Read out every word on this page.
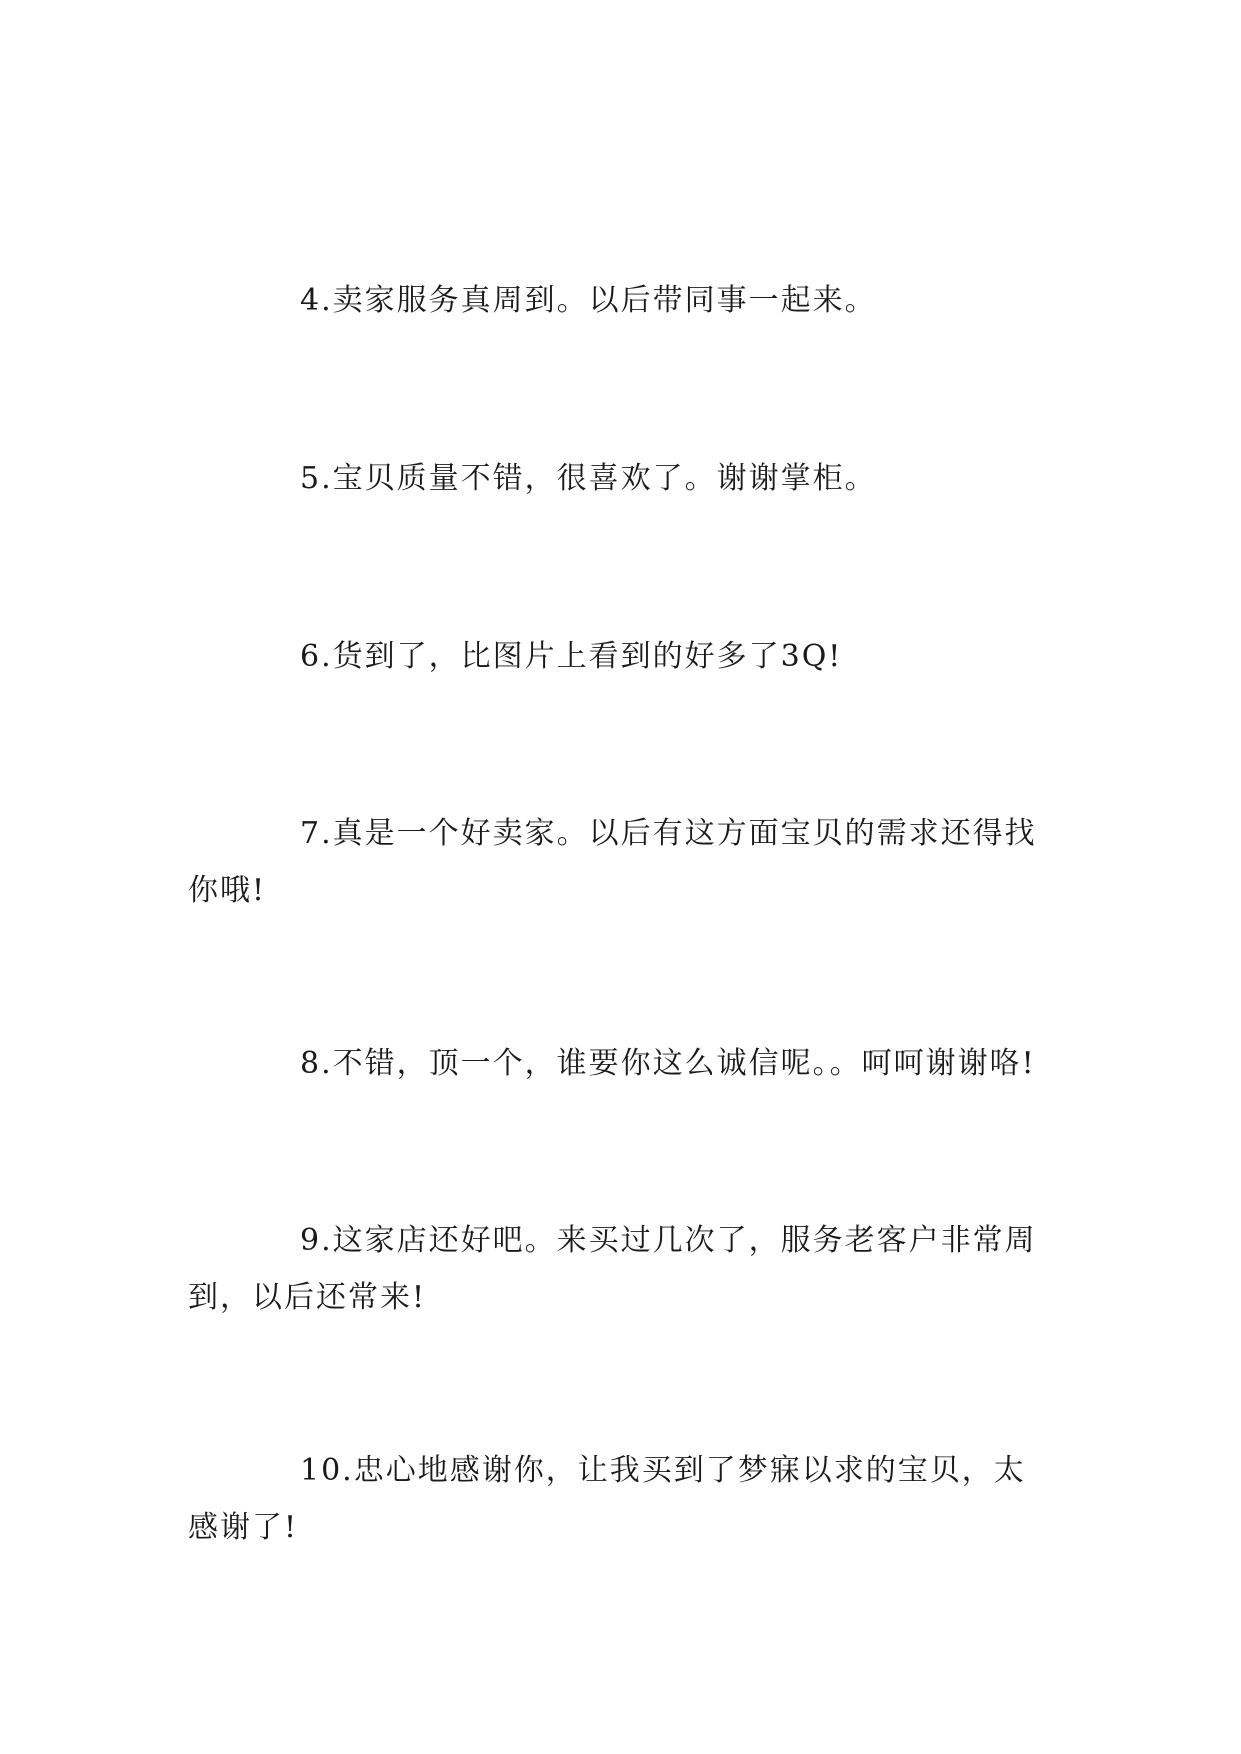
4.卖家服务真周到。以后带同事一起来。

5.宝贝质量不错，很喜欢了。谢谢掌柜。

6.货到了，比图片上看到的好多了3Q!

7.真是一个好卖家。以后有这方面宝贝的需求还得找你哦!

8.不错，顶一个，谁要你这么诚信呢。。呵呵谢谢咯!

9.这家店还好吧。来买过几次了，服务老客户非常周到，以后还常来!

10.忠心地感谢你，让我买到了梦寐以求的宝贝，太感谢了!
